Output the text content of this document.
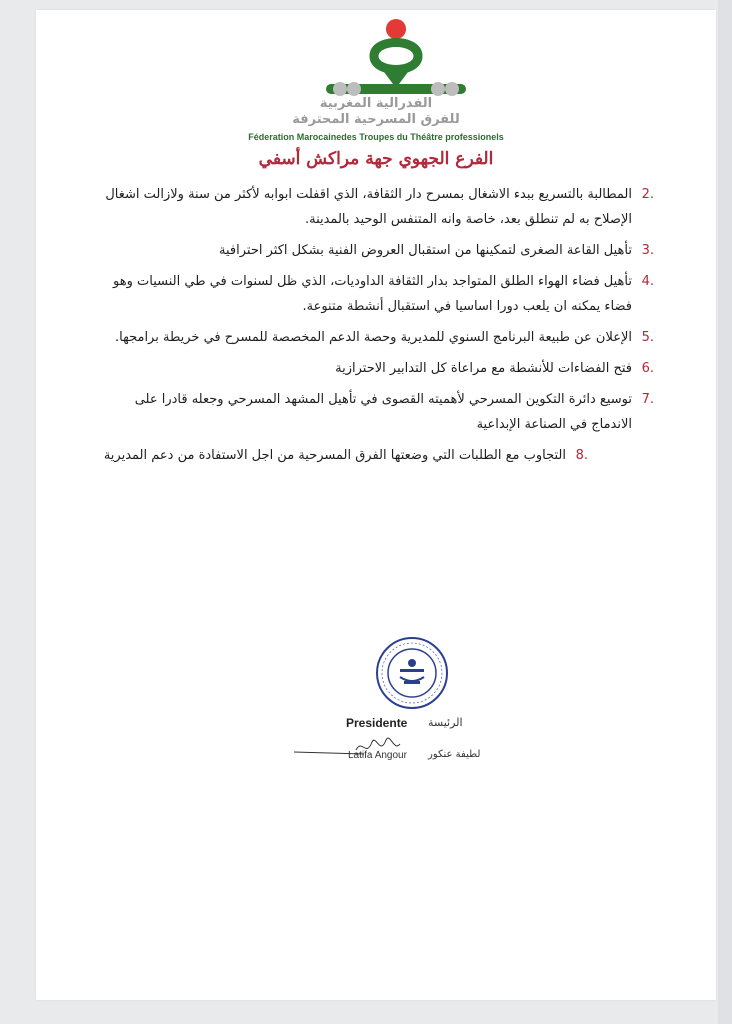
الفدرالية المغربية
للفرق المسرحية المحترفة
Féderation Marocainedes Troupes du Théâtre professionels
الفرع الجهوي جهة مراكش أسفي
2.
المطالبة بالتسريع ببدء الاشغال بمسرح دار الثقافة، الذي اقفلت ابوابه لأكثر من سنة ولازالت اشغال الإصلاح به لم تنطلق بعد، خاصة وانه المتنفس الوحيد بالمدينة.
3.
تأهيل القاعة الصغرى لتمكينها من استقبال العروض الفنية بشكل اكثر احترافية
4.
تأهيل فضاء الهواء الطلق المتواجد بدار الثقافة الداوديات، الذي ظل لسنوات في طي النسيات وهو فضاء يمكنه ان يلعب دورا اساسيا في استقبال أنشطة متنوعة.
5.
الإعلان عن طبيعة البرنامج السنوي للمديرية وحصة الدعم المخصصة للمسرح في خريطة برامجها.
6.
فتح الفضاءات للأنشطة مع مراعاة كل التدابير الاحترازية
7.
توسيع دائرة التكوين المسرحي لأهميته القصوى في تأهيل المشهد المسرحي وجعله قادرا على الاندماج في الصناعة الإبداعية
8.
التجاوب مع الطلبات التي وضعتها الفرق المسرحية من اجل الاستفادة من دعم المديرية
Presidente الرئيسة
Latifa Angour لطيفة عنكور
